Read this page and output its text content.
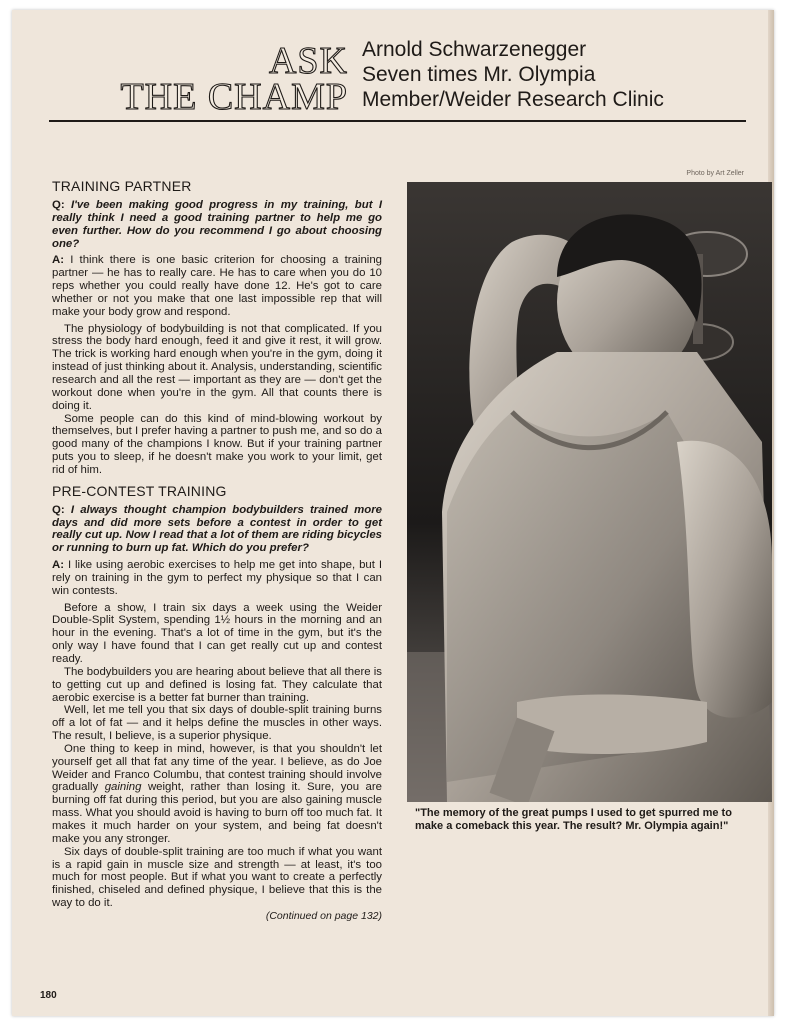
ASK
THE CHAMP
Arnold Schwarzenegger
Seven times Mr. Olympia
Member/Weider Research Clinic
TRAINING PARTNER

Q: I've been making good progress in my training, but I really think I need a good training partner to help me go even further. How do you recommend I go about choosing one?

A: I think there is one basic criterion for choosing a training partner — he has to really care. He has to care when you do 10 reps whether you could really have done 12. He's got to care whether or not you make that one last impossible rep that will make your body grow and respond.

The physiology of bodybuilding is not that complicated. If you stress the body hard enough, feed it and give it rest, it will grow. The trick is working hard enough when you're in the gym, doing it instead of just thinking about it. Analysis, understanding, scientific research and all the rest — important as they are — don't get the workout done when you're in the gym. All that counts there is doing it.

Some people can do this kind of mind-blowing workout by themselves, but I prefer having a partner to push me, and so do a good many of the champions I know. But if your training partner puts you to sleep, if he doesn't make you work to your limit, get rid of him.

PRE-CONTEST TRAINING

Q: I always thought champion bodybuilders trained more days and did more sets before a contest in order to get really cut up. Now I read that a lot of them are riding bicycles or running to burn up fat. Which do you prefer?

A: I like using aerobic exercises to help me get into shape, but I rely on training in the gym to perfect my physique so that I can win contests.

Before a show, I train six days a week using the Weider Double-Split System, spending 1½ hours in the morning and an hour in the evening. That's a lot of time in the gym, but it's the only way I have found that I can get really cut up and contest ready.

The bodybuilders you are hearing about believe that all there is to getting cut up and defined is losing fat. They calculate that aerobic exercise is a better fat burner than training.

Well, let me tell you that six days of double-split training burns off a lot of fat — and it helps define the muscles in other ways. The result, I believe, is a superior physique.

One thing to keep in mind, however, is that you shouldn't let yourself get all that fat any time of the year. I believe, as do Joe Weider and Franco Columbu, that contest training should involve gradually gaining weight, rather than losing it. Sure, you are burning off fat during this period, but you are also gaining muscle mass. What you should avoid is having to burn off too much fat. It makes it much harder on your system, and being fat doesn't make you any stronger.

Six days of double-split training are too much if what you want is a rapid gain in muscle size and strength — at least, it's too much for most people. But if what you want to create a perfectly finished, chiseled and defined physique, I believe that this is the way to do it.

(Continued on page 132)
Photo by Art Zeller
"The memory of the great pumps I used to get spurred me to make a comeback this year. The result? Mr. Olympia again!"
180
